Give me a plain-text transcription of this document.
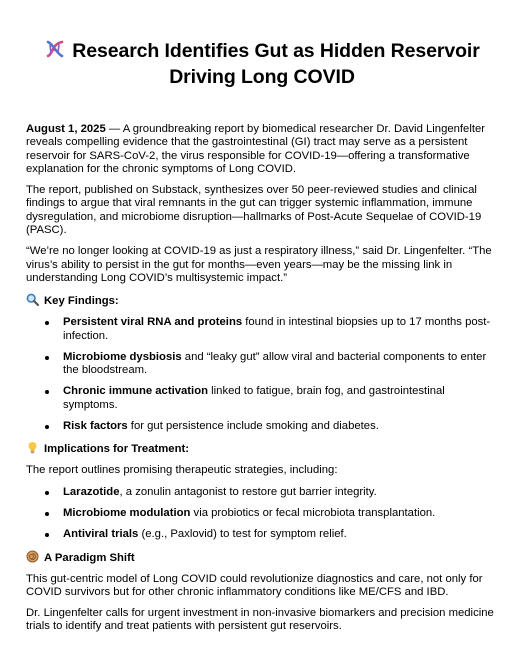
Research Identifies Gut as Hidden Reservoir Driving Long COVID

August 1, 2025 — A groundbreaking report by biomedical researcher Dr. David Lingenfelter reveals compelling evidence that the gastrointestinal (GI) tract may serve as a persistent reservoir for SARS-CoV-2, the virus responsible for COVID-19—offering a transformative explanation for the chronic symptoms of Long COVID.

The report, published on Substack, synthesizes over 50 peer-reviewed studies and clinical findings to argue that viral remnants in the gut can trigger systemic inflammation, immune dysregulation, and microbiome disruption—hallmarks of Post-Acute Sequelae of COVID-19 (PASC).

“We’re no longer looking at COVID-19 as just a respiratory illness,” said Dr. Lingenfelter. “The virus’s ability to persist in the gut for months—even years—may be the missing link in understanding Long COVID’s multisystemic impact.”

Key Findings:
Persistent viral RNA and proteins found in intestinal biopsies up to 17 months post-infection.
Microbiome dysbiosis and “leaky gut” allow viral and bacterial components to enter the bloodstream.
Chronic immune activation linked to fatigue, brain fog, and gastrointestinal symptoms.
Risk factors for gut persistence include smoking and diabetes.
Implications for Treatment:

The report outlines promising therapeutic strategies, including:

Larazotide, a zonulin antagonist to restore gut barrier integrity.
Microbiome modulation via probiotics or fecal microbiota transplantation.
Antiviral trials (e.g., Paxlovid) to test for symptom relief.
A Paradigm Shift

This gut-centric model of Long COVID could revolutionize diagnostics and care, not only for COVID survivors but for other chronic inflammatory conditions like ME/CFS and IBD.

Dr. Lingenfelter calls for urgent investment in non-invasive biomarkers and precision medicine trials to identify and treat patients with persistent gut reservoirs.
